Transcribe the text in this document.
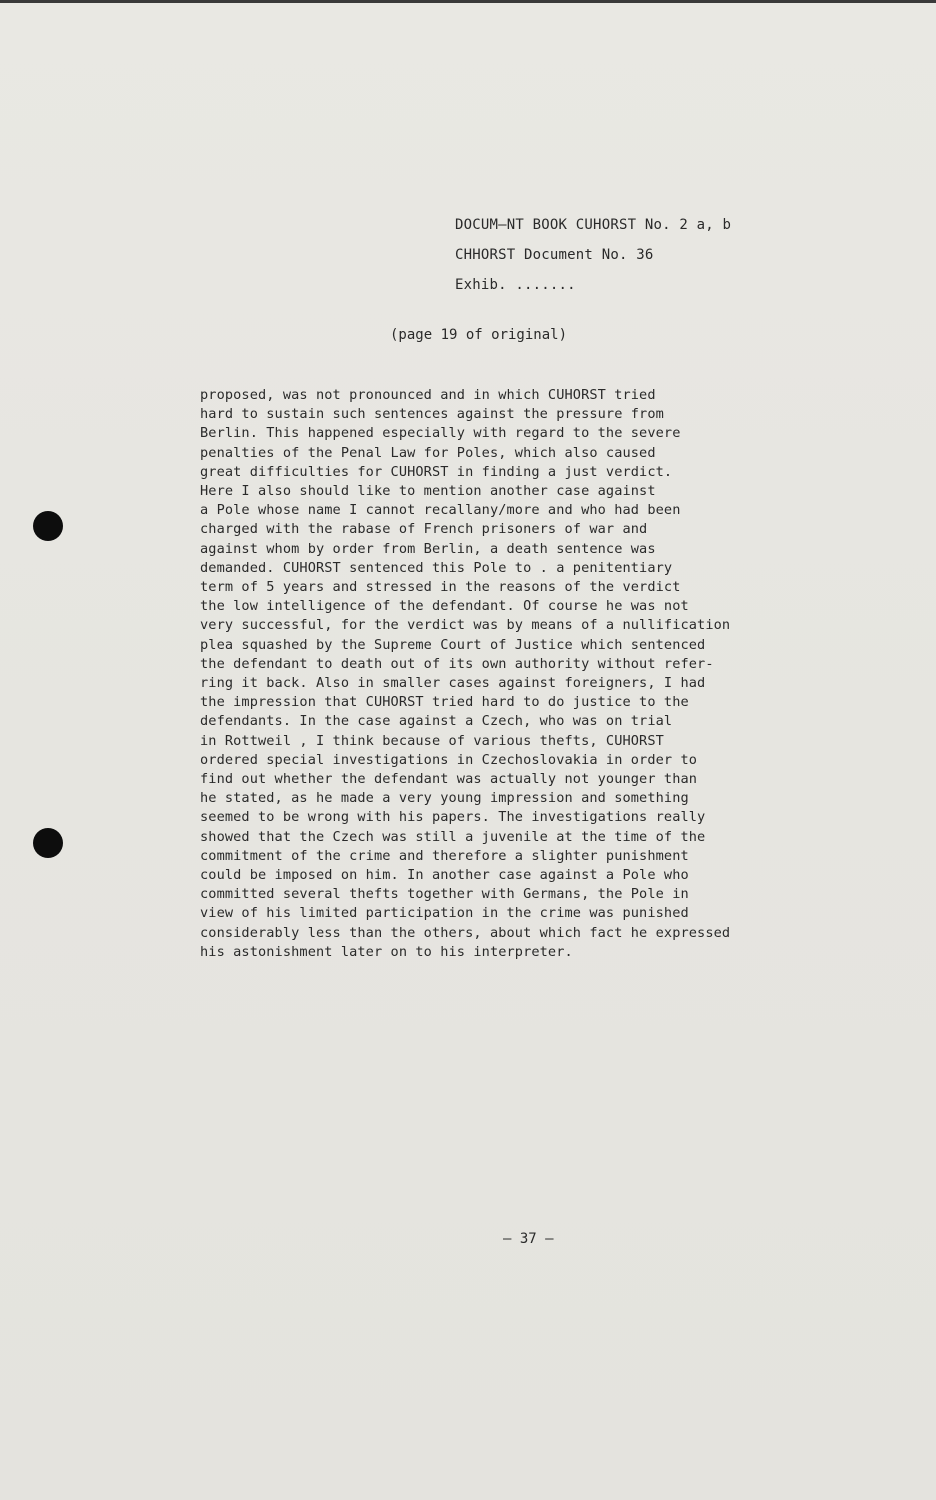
DOCUM—NT BOOK CUHORST No. 2 a, b
CHHORST Document No. 36
Exhib. .......
(page 19 of original)
proposed, was not pronounced and in which CUHORST tried
hard to sustain such sentences against the pressure from
Berlin. This happened especially with regard to the severe
penalties of the Penal Law for Poles, which also caused
great difficulties for CUHORST in finding a just verdict.
Here I also should like to mention another case against
a Pole whose name I cannot recallany/more and who had been
charged with the rabase of French prisoners of war and
against whom by order from Berlin, a death sentence was
demanded. CUHORST sentenced this Pole to . a penitentiary
term of 5 years and stressed in the reasons of the verdict
the low intelligence of the defendant. Of course he was not
very successful, for the verdict was by means of a nullification
plea squashed by the Supreme Court of Justice which sentenced
the defendant to death out of its own authority without refer-
ring it back. Also in smaller cases against foreigners, I had
the impression that CUHORST tried hard to do justice to the
defendants. In the case against a Czech, who was on trial
in Rottweil , I think because of various thefts, CUHORST
ordered special investigations in Czechoslovakia in order to
find out whether the defendant was actually not younger than
he stated, as he made a very young impression and something
seemed to be wrong with his papers. The investigations really
showed that the Czech was still a juvenile at the time of the
commitment of the crime and therefore a slighter punishment
could be imposed on him. In another case against a Pole who
committed several thefts together with Germans, the Pole in
view of his limited participation in the crime was punished
considerably less than the others, about which fact he expressed
his astonishment later on to his interpreter.
— 37 —
